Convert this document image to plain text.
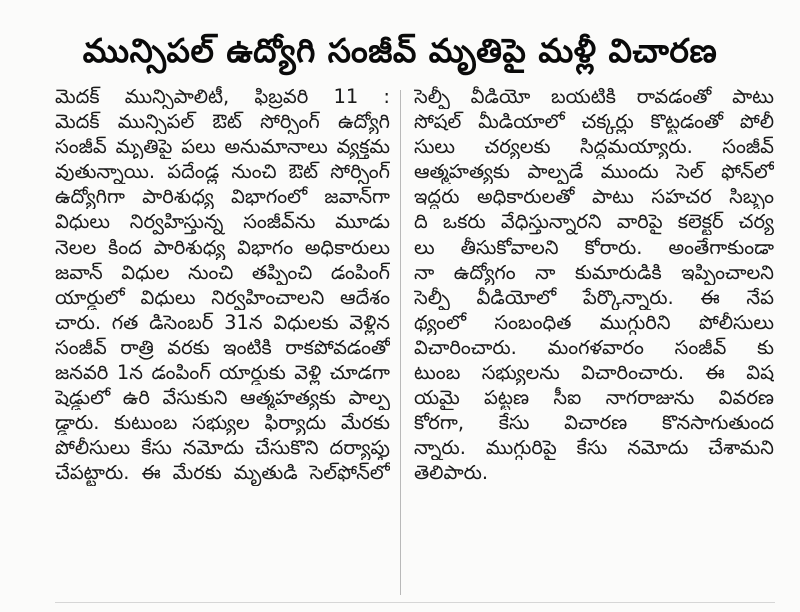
మున్సిపల్ ఉద్యోగి సంజీవ్ మృతిపై మళ్లీ విచారణ
మెదక్ మున్సిపాలిటీ, ఫిబ్రవరి 11 :
మెదక్ మున్సిపల్ ఔట్ సోర్సింగ్ ఉద్యోగి
సంజీవ్ మృతిపై పలు అనుమానాలు వ్యక్తమ
వుతున్నాయి. పదేండ్ల నుంచి ఔట్ సోర్సింగ్
ఉద్యోగిగా పారిశుధ్య విభాగంలో జవాన్‌గా
విధులు నిర్వహిస్తున్న సంజీవ్‌ను మూడు
నెలల కింద పారిశుధ్య విభాగం అధికారులు
జవాన్ విధుల నుంచి తప్పించి డంపింగ్
యార్డులో విధులు నిర్వహించాలని ఆదేశం
చారు. గత డిసెంబర్ 31న విధులకు వెళ్లిన
సంజీవ్ రాత్రి వరకు ఇంటికి రాకపోవడంతో
జనవరి 1న డంపింగ్ యార్డుకు వెళ్లి చూడగా
షెడ్డులో ఉరి వేసుకుని ఆత్మహత్యకు పాల్ప
డ్డారు. కుటుంబ సభ్యుల ఫిర్యాదు మేరకు
పోలీసులు కేసు నమోదు చేసుకొని దర్యాప్తు
చేపట్టారు. ఈ మేరకు మృతుడి సెల్‌ఫోన్‌లో
సెల్ఫీ వీడియో బయటికి రావడంతో పాటు
సోషల్ మీడియాలో చక్కర్లు కొట్టడంతో పోలీ
సులు చర్యలకు సిద్ధమయ్యారు. సంజీవ్
ఆత్మహత్యకు పాల్పడే ముందు సెల్ ఫోన్‌లో
ఇద్దరు అధికారులతో పాటు సహచర సిబ్బం
ది ఒకరు వేధిస్తున్నారని వారిపై కలెక్టర్ చర్య
లు తీసుకోవాలని కోరారు. అంతేగాకుండా
నా ఉద్యోగం నా కుమారుడికి ఇప్పించాలని
సెల్ఫీ వీడియోలో పేర్కొన్నారు. ఈ నేప
థ్యంలో సంబంధిత ముగ్గురిని పోలీసులు
విచారించారు. మంగళవారం సంజీవ్ కు
టుంబ సభ్యులను విచారించారు. ఈ విష
యమై పట్టణ సీఐ నాగరాజును వివరణ
కోరగా, కేసు విచారణ కొనసాగుతుంద
న్నారు. ముగ్గురిపై కేసు నమోదు చేశామని
తెలిపారు.
